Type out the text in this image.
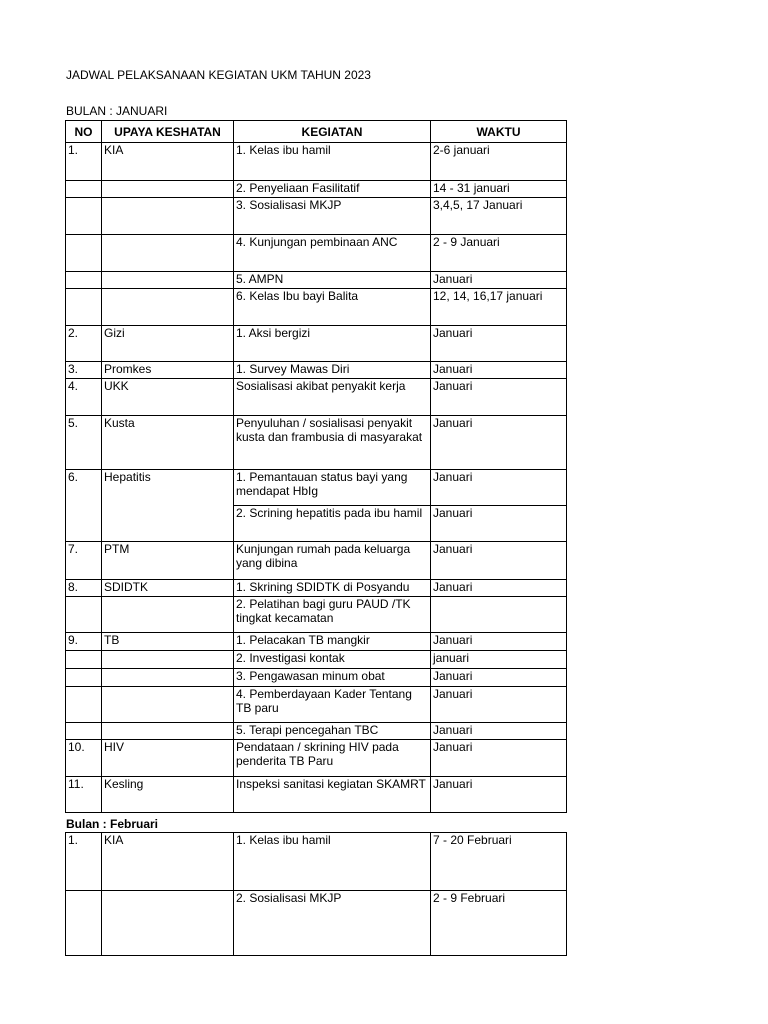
JADWAL PELAKSANAAN KEGIATAN UKM TAHUN 2023
BULAN : JANUARI
NO	UPAYA KESHATAN	KEGIATAN	WAKTU
1.	KIA	1. Kelas ibu hamil	2-6 januari
		2. Penyeliaan Fasilitatif	14 - 31 januari
		3. Sosialisasi MKJP	3,4,5, 17 Januari
		4. Kunjungan pembinaan ANC	2 - 9 Januari
		5. AMPN	Januari
		6. Kelas Ibu bayi Balita	12, 14, 16,17 januari
2.	Gizi	1. Aksi bergizi	Januari
3.	Promkes	1. Survey Mawas Diri	Januari
4.	UKK	Sosialisasi akibat penyakit kerja	Januari
5.	Kusta	Penyuluhan / sosialisasi penyakit kusta dan frambusia di masyarakat	Januari
6.	Hepatitis	1. Pemantauan status bayi yang mendapat HbIg	Januari
		2. Scrining hepatitis pada ibu hamil	Januari
7.	PTM	Kunjungan rumah pada keluarga yang dibina	Januari
8.	SDIDTK	1. Skrining SDIDTK di Posyandu	Januari
		2. Pelatihan bagi guru PAUD /TK tingkat kecamatan	
9.	TB	1. Pelacakan TB mangkir	Januari
		2. Investigasi kontak	januari
		3. Pengawasan minum obat	Januari
		4. Pemberdayaan Kader Tentang TB paru	Januari
		5. Terapi pencegahan TBC	Januari
10.	HIV	Pendataan / skrining HIV pada penderita TB Paru	Januari
11.	Kesling	Inspeksi sanitasi kegiatan SKAMRT	Januari
Bulan : Februari
1.	KIA	1. Kelas ibu hamil	7 - 20 Februari
		2. Sosialisasi MKJP	2 - 9 Februari
